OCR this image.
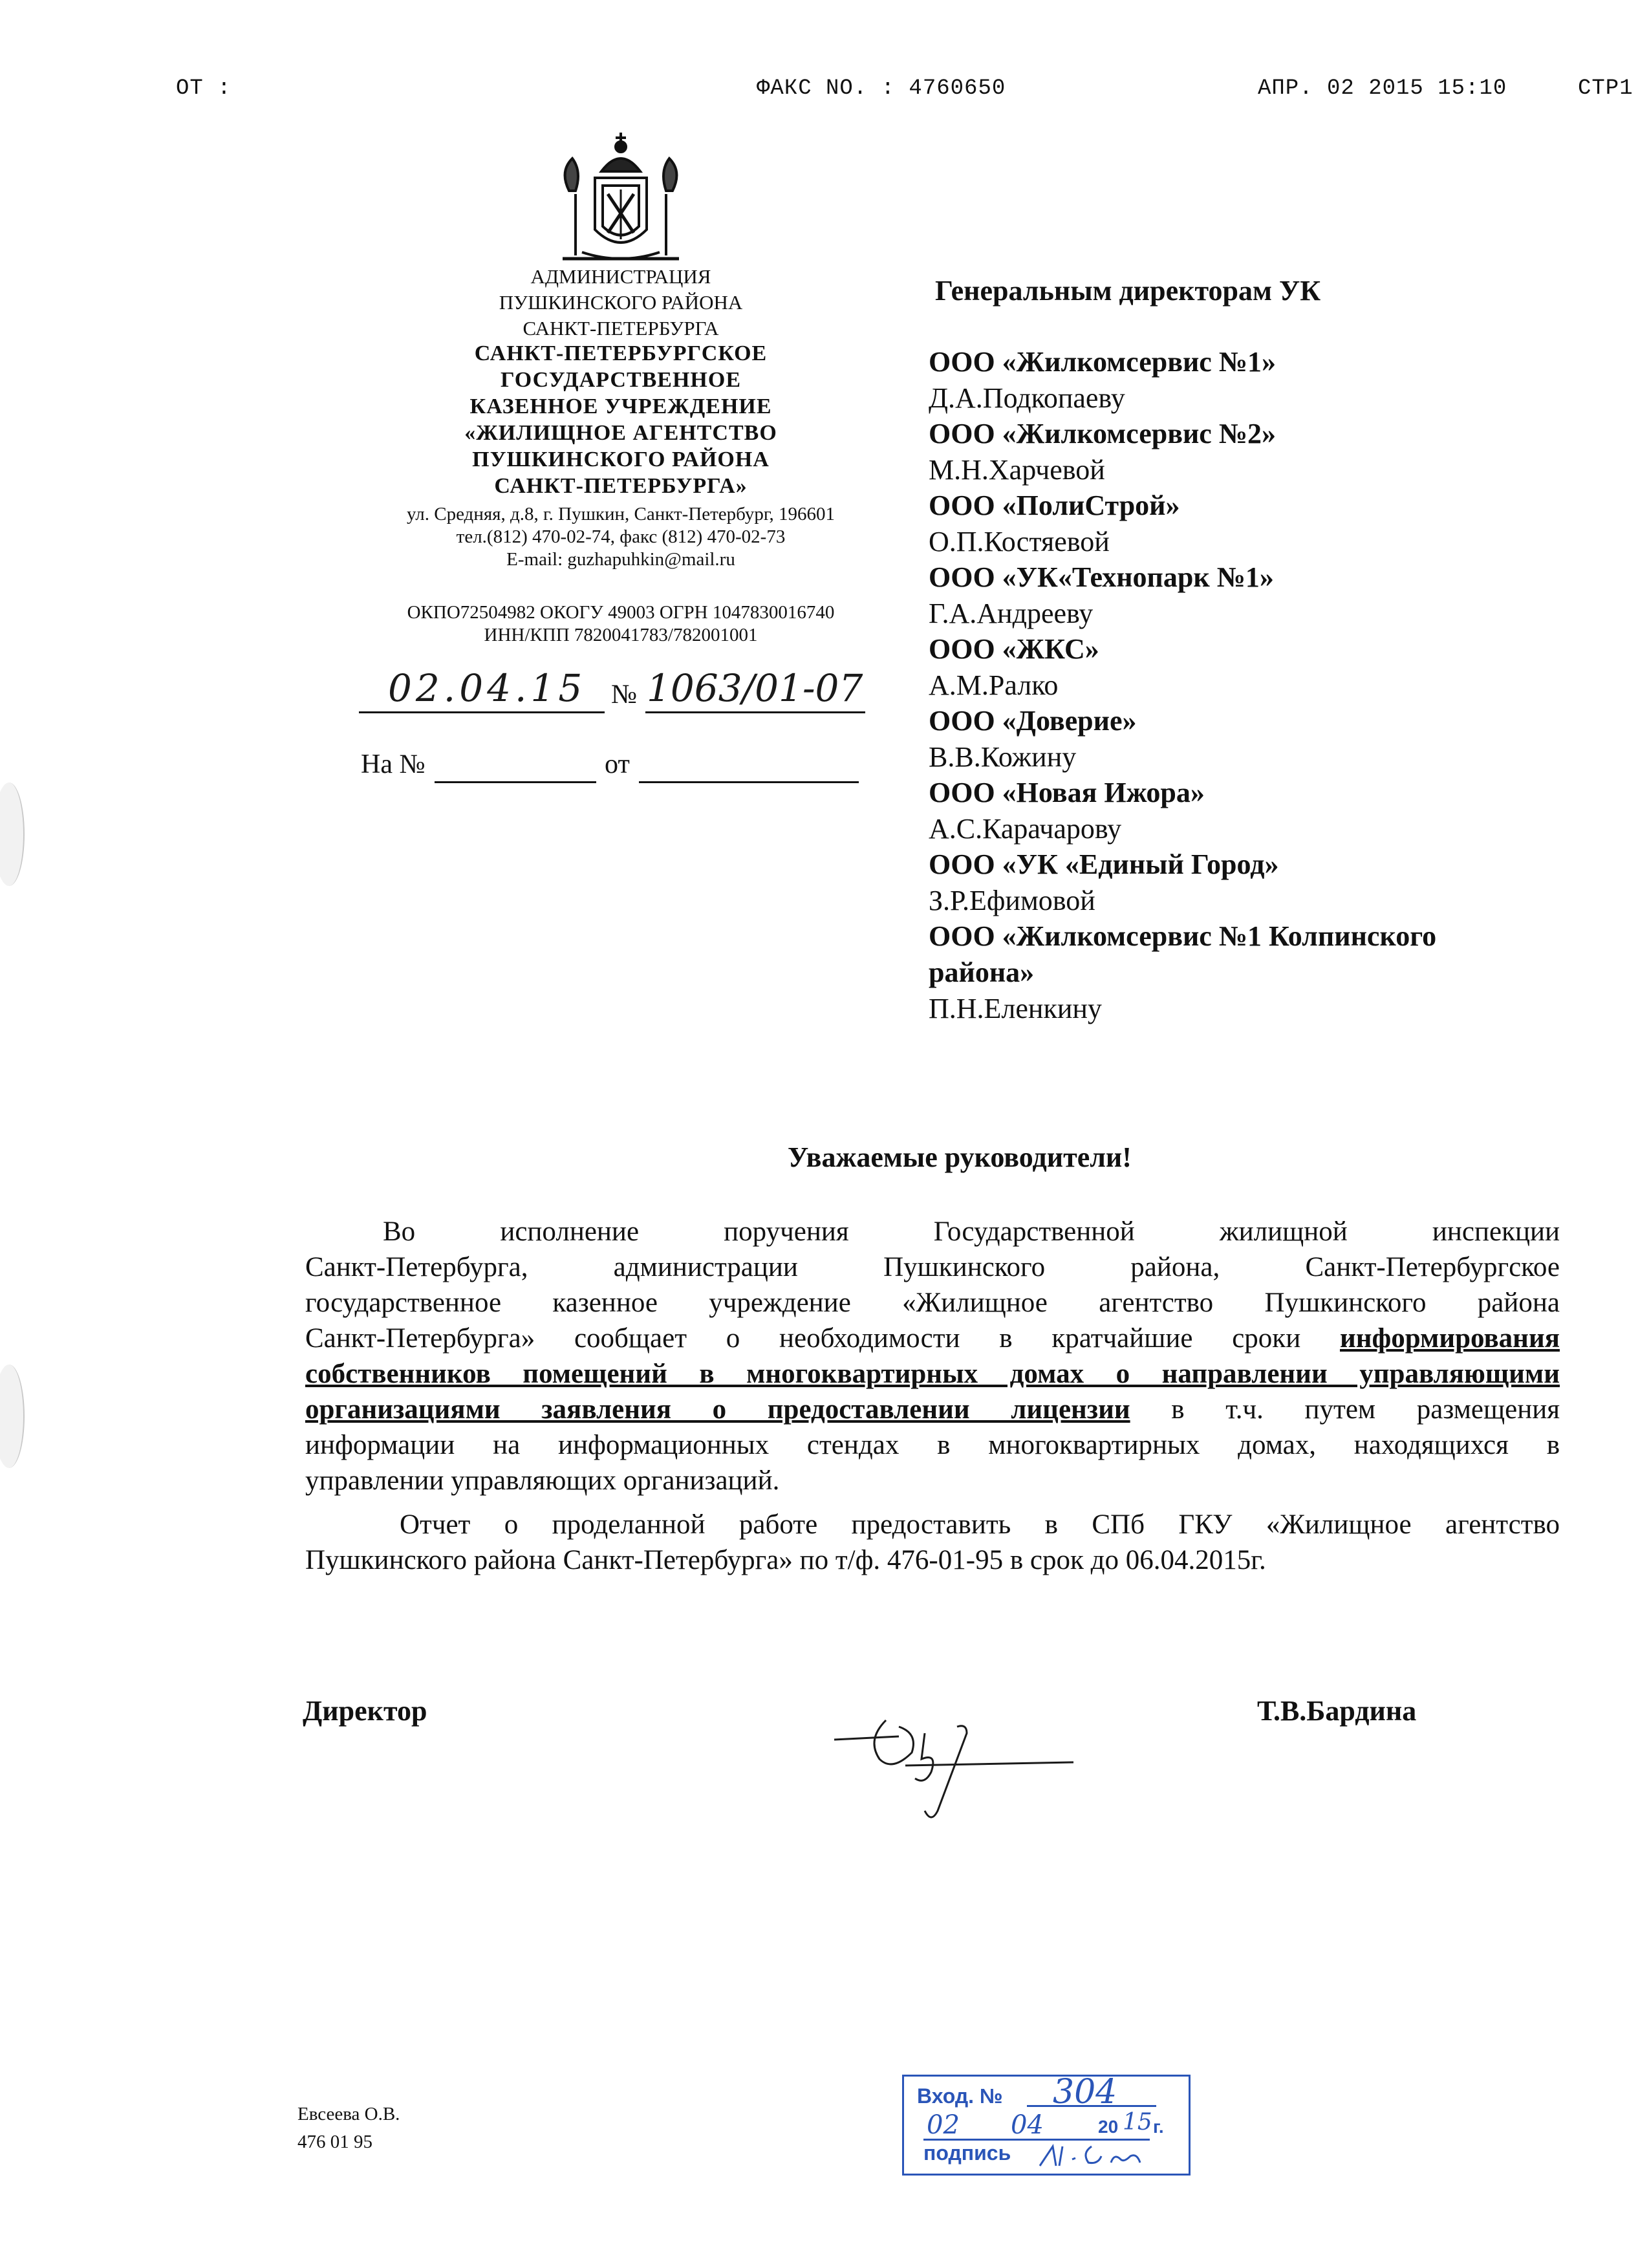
ОТ :	ФАКС NO. : 4760650	АПР. 02 2015 15:10	СТР1
АДМИНИСТРАЦИЯ
ПУШКИНСКОГО РАЙОНА
САНКТ-ПЕТЕРБУРГА
САНКТ-ПЕТЕРБУРГСКОЕ
ГОСУДАРСТВЕННОЕ
КАЗЕННОЕ УЧРЕЖДЕНИЕ
«ЖИЛИЩНОЕ АГЕНТСТВО
ПУШКИНСКОГО РАЙОНА
САНКТ-ПЕТЕРБУРГА»
ул. Средняя, д.8, г. Пушкин, Санкт-Петербург, 196601
тел.(812) 470-02-74, факс (812) 470-02-73
E-mail: guzhapuhkin@mail.ru
ОКПО72504982 ОКОГУ 49003 ОГРН 1047830016740
ИНН/КПП 7820041783/782001001
02.04.15 № 1063/01-07
На №	от
Генеральным директорам УК
ООО «Жилкомсервис №1»
Д.А.Подкопаеву
ООО «Жилкомсервис №2»
М.Н.Харчевой
ООО «ПолиСтрой»
О.П.Костяевой
ООО «УК«Технопарк №1»
Г.А.Андрееву
ООО «ЖКС»
А.М.Ралко
ООО «Доверие»
В.В.Кожину
ООО «Новая Ижора»
А.С.Карачарову
ООО «УК «Единый Город»
З.Р.Ефимовой
ООО «Жилкомсервис №1 Колпинского
района»
П.Н.Еленкину
Уважаемые руководители!
Во исполнение поручения Государственной жилищной инспекции
Санкт-Петербурга, администрации Пушкинского района, Санкт-Петербургское
государственное казенное учреждение «Жилищное агентство Пушкинского района
Санкт-Петербурга» сообщает о необходимости в кратчайшие сроки информирования
собственников помещений в многоквартирных домах о направлении управляющими
организациями заявления о предоставлении лицензии в т.ч. путем размещения
информации на информационных стендах в многоквартирных домах, находящихся в
управлении управляющих организаций.
Отчет о проделанной работе предоставить в СПб ГКУ «Жилищное агентство
Пушкинского района Санкт-Петербурга» по т/ф. 476-01-95 в срок до 06.04.2015г.
Директор	Т.В.Бардина
Евсеева О.В.
476 01 95
Вход. № 304
02 04	20 15 г.
подпись
